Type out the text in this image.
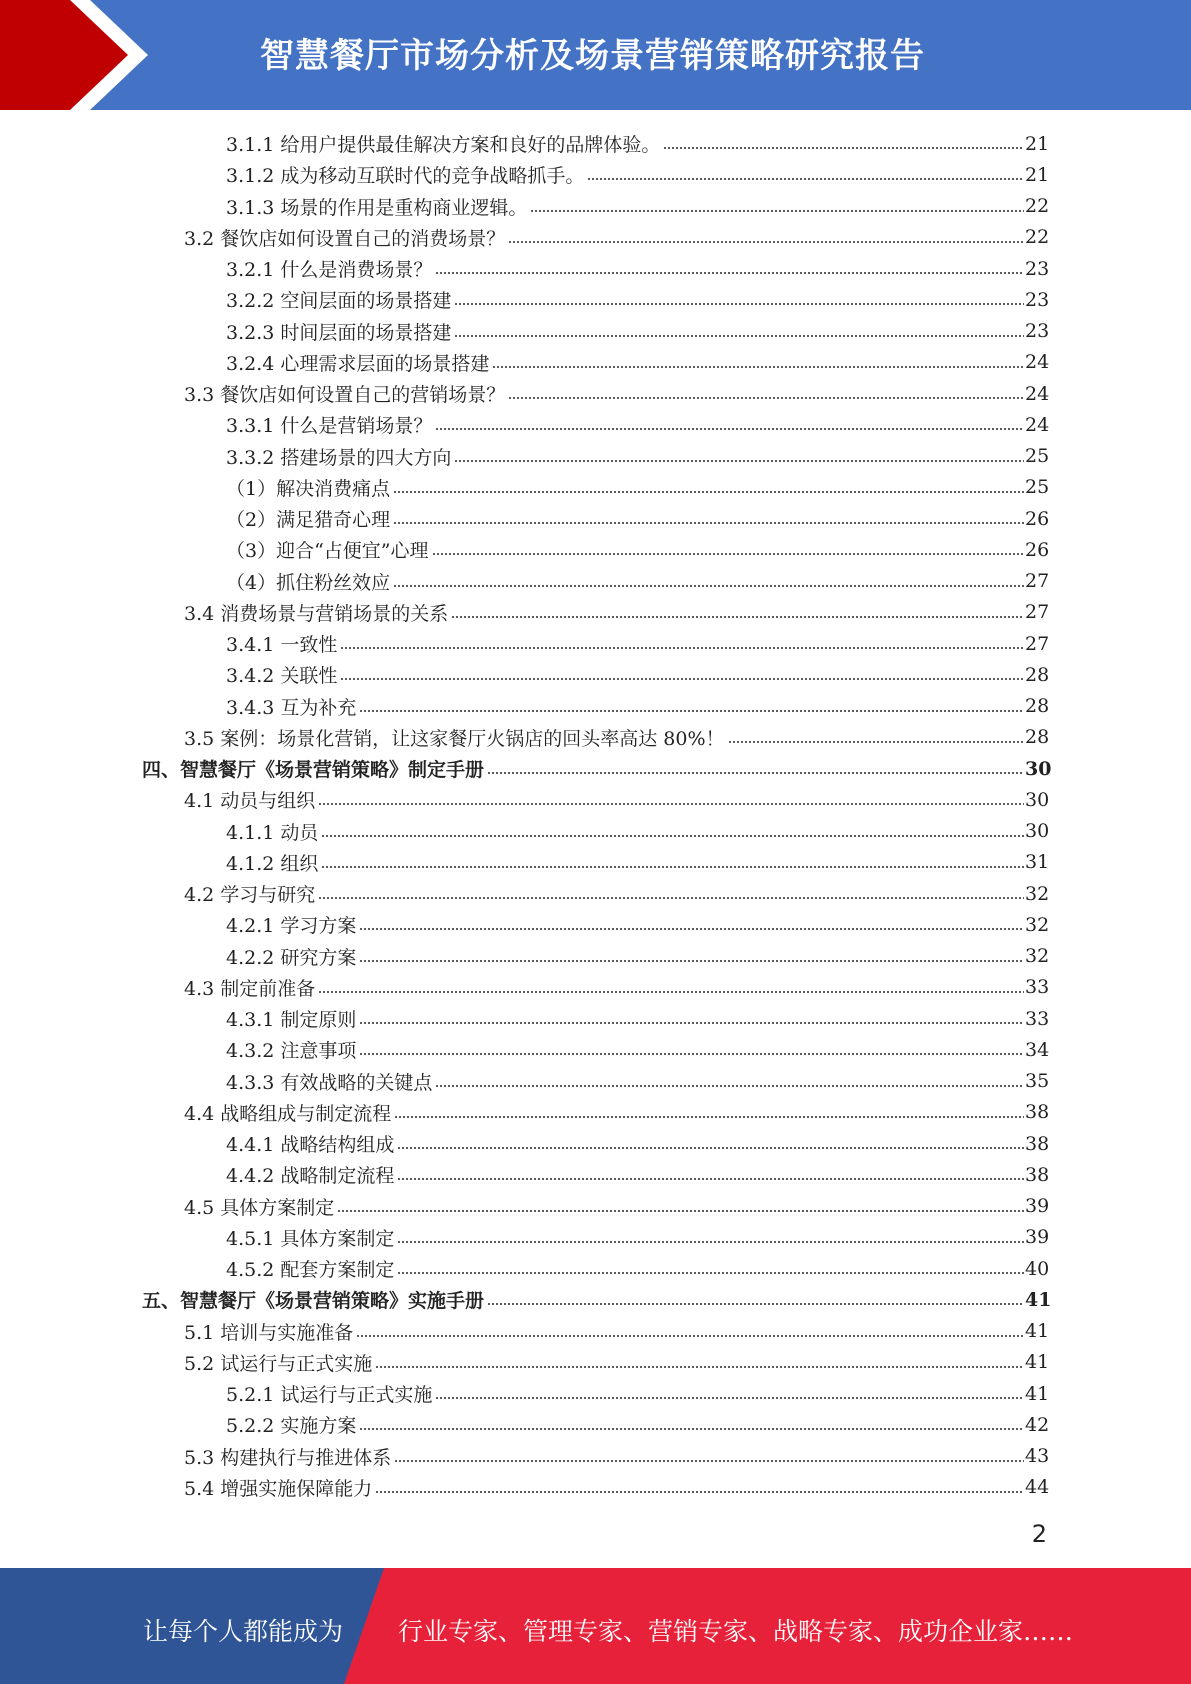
智慧餐厅市场分析及场景营销策略研究报告
3.1.1 给用户提供最佳解决方案和良好的品牌体验。	21
3.1.2 成为移动互联时代的竞争战略抓手。	21
3.1.3 场景的作用是重构商业逻辑。	22
3.2 餐饮店如何设置自己的消费场景？	22
3.2.1 什么是消费场景？	23
3.2.2 空间层面的场景搭建	23
3.2.3 时间层面的场景搭建	23
3.2.4 心理需求层面的场景搭建	24
3.3 餐饮店如何设置自己的营销场景？	24
3.3.1 什么是营销场景？	24
3.3.2 搭建场景的四大方向	25
（1）解决消费痛点	25
（2）满足猎奇心理	26
（3）迎合“占便宜”心理	26
（4）抓住粉丝效应	27
3.4 消费场景与营销场景的关系	27
3.4.1 一致性	27
3.4.2 关联性	28
3.4.3 互为补充	28
3.5 案例：场景化营销，让这家餐厅火锅店的回头率高达 80%！	28
四、智慧餐厅《场景营销策略》制定手册	30
4.1 动员与组织	30
4.1.1 动员	30
4.1.2 组织	31
4.2 学习与研究	32
4.2.1 学习方案	32
4.2.2 研究方案	32
4.3 制定前准备	33
4.3.1 制定原则	33
4.3.2 注意事项	34
4.3.3 有效战略的关键点	35
4.4 战略组成与制定流程	38
4.4.1 战略结构组成	38
4.4.2 战略制定流程	38
4.5 具体方案制定	39
4.5.1 具体方案制定	39
4.5.2 配套方案制定	40
五、智慧餐厅《场景营销策略》实施手册	41
5.1 培训与实施准备	41
5.2 试运行与正式实施	41
5.2.1 试运行与正式实施	41
5.2.2 实施方案	42
5.3 构建执行与推进体系	43
5.4 增强实施保障能力	44
2
让每个人都能成为 行业专家、管理专家、营销专家、战略专家、成功企业家……
